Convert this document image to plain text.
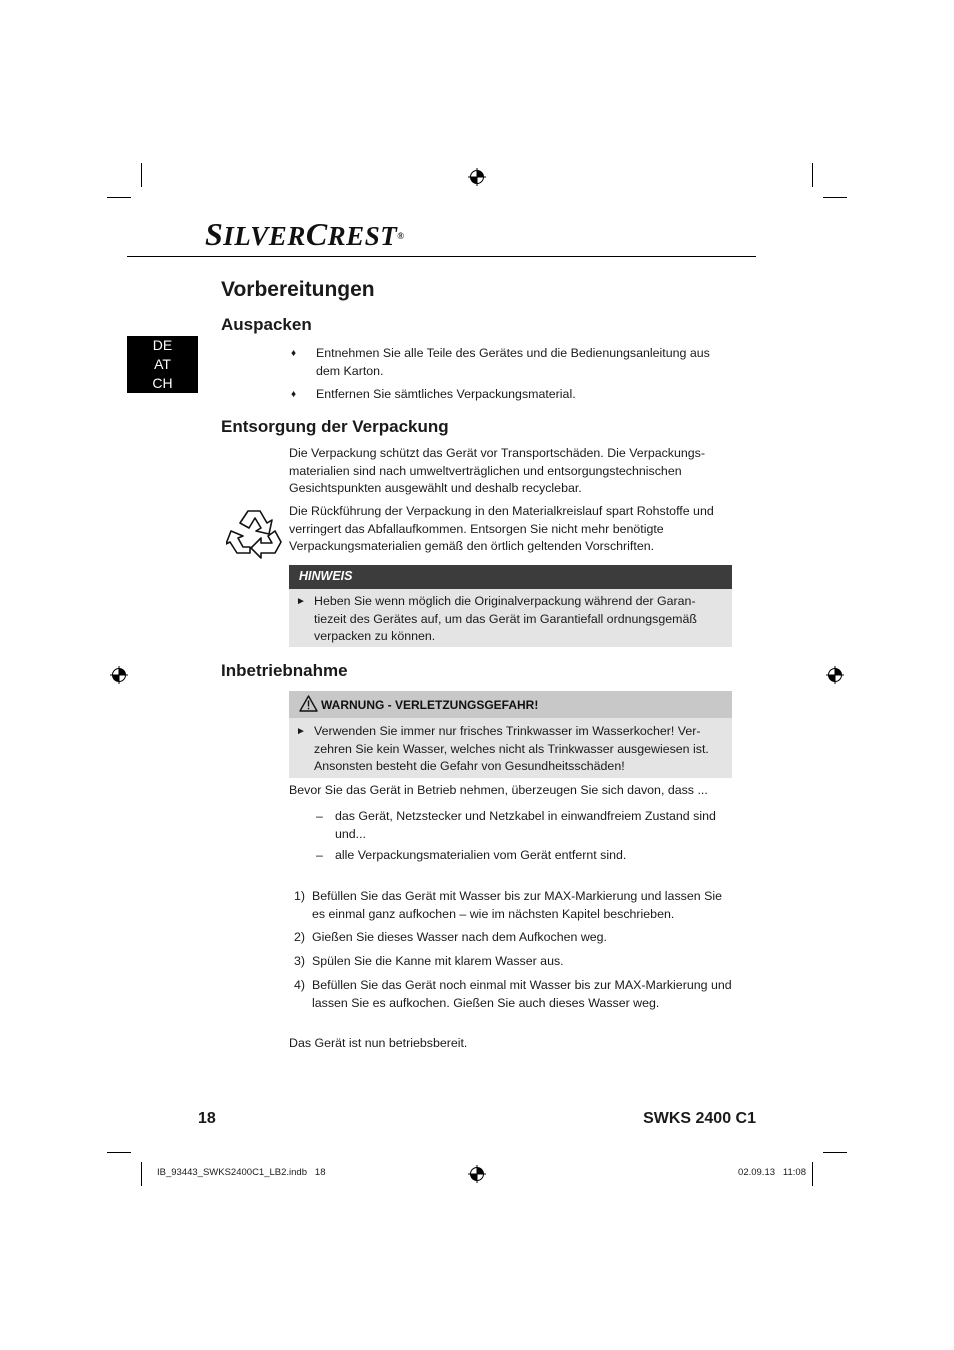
SILVERCREST®
DE
AT
CH
Vorbereitungen
Auspacken
♦ Entnehmen Sie alle Teile des Gerätes und die Bedienungsanleitung aus dem Karton.
♦ Entfernen Sie sämtliches Verpackungsmaterial.
Entsorgung der Verpackung
Die Verpackung schützt das Gerät vor Transportschäden. Die Verpackungsmaterialien sind nach umweltverträglichen und entsorgungstechnischen Gesichtspunkten ausgewählt und deshalb recyclebar.
Die Rückführung der Verpackung in den Materialkreislauf spart Rohstoffe und verringert das Abfallaufkommen. Entsorgen Sie nicht mehr benötigte Verpackungsmaterialien gemäß den örtlich geltenden Vorschriften.
HINWEIS
► Heben Sie wenn möglich die Originalverpackung während der Garantiezeit des Gerätes auf, um das Gerät im Garantiefall ordnungsgemäß verpacken zu können.
Inbetriebnahme
WARNUNG - VERLETZUNGSGEFAHR!
► Verwenden Sie immer nur frisches Trinkwasser im Wasserkocher! Verzehren Sie kein Wasser, welches nicht als Trinkwasser ausgewiesen ist. Ansonsten besteht die Gefahr von Gesundheitsschäden!
Bevor Sie das Gerät in Betrieb nehmen, überzeugen Sie sich davon, dass ...
– das Gerät, Netzstecker und Netzkabel in einwandfreiem Zustand sind und...
– alle Verpackungsmaterialien vom Gerät entfernt sind.
1) Befüllen Sie das Gerät mit Wasser bis zur MAX-Markierung und lassen Sie es einmal ganz aufkochen – wie im nächsten Kapitel beschrieben.
2) Gießen Sie dieses Wasser nach dem Aufkochen weg.
3) Spülen Sie die Kanne mit klarem Wasser aus.
4) Befüllen Sie das Gerät noch einmal mit Wasser bis zur MAX-Markierung und lassen Sie es aufkochen. Gießen Sie auch dieses Wasser weg.
Das Gerät ist nun betriebsbereit.
18	SWKS 2400 C1
IB_93443_SWKS2400C1_LB2.indb   18	02.09.13   11:08
